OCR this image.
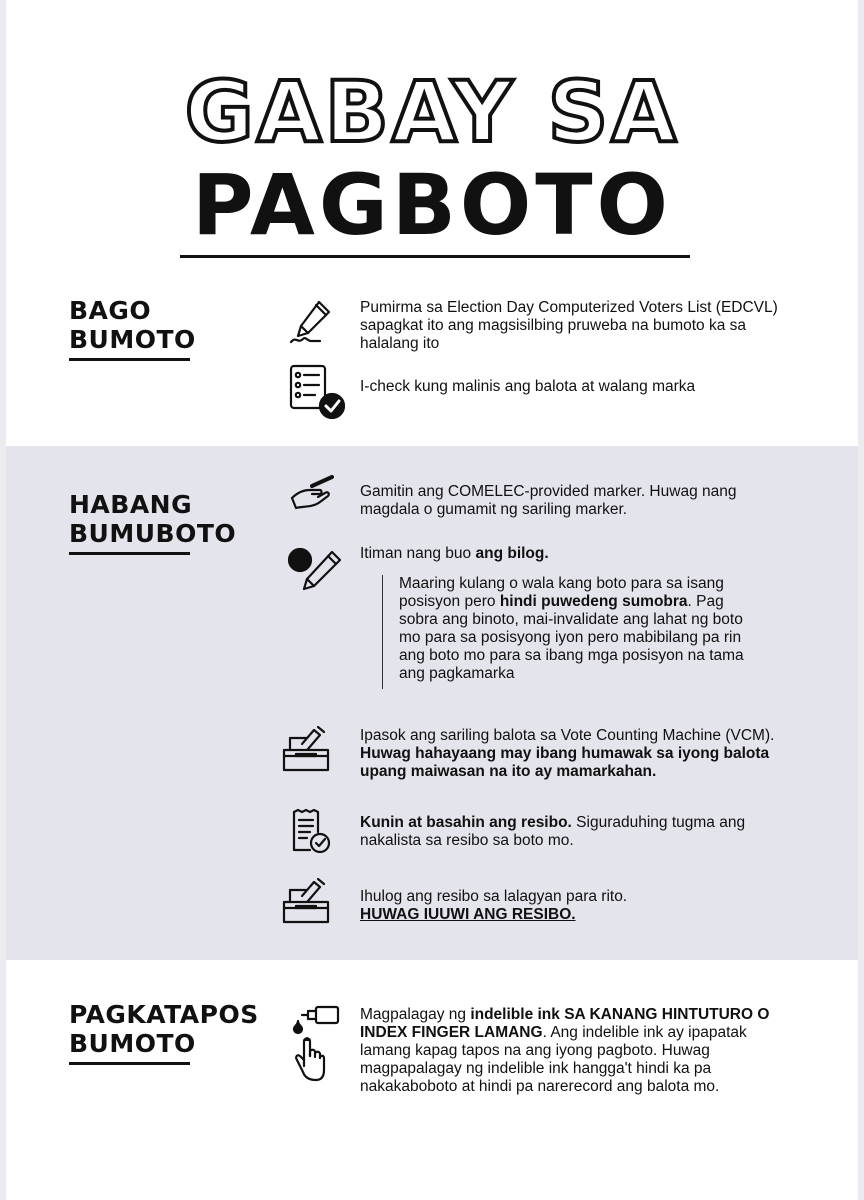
GABAY SA
PAGBOTO
BAGO
BUMOTO
Pumirma sa Election Day Computerized Voters List (EDCVL) sapagkat ito ang magsisilbing pruweba na bumoto ka sa halalang ito
I-check kung malinis ang balota at walang marka
HABANG
BUMUBOTO
Gamitin ang COMELEC-provided marker. Huwag nang magdala o gumamit ng sariling marker.
Itiman nang buo ang bilog.
Maaring kulang o wala kang boto para sa isang posisyon pero hindi puwedeng sumobra. Pag sobra ang binoto, mai-invalidate ang lahat ng boto mo para sa posisyong iyon pero mabibilang pa rin ang boto mo para sa ibang mga posisyon na tama ang pagkamarka
Ipasok ang sariling balota sa Vote Counting Machine (VCM). Huwag hahayaang may ibang humawak sa iyong balota upang maiwasan na ito ay mamarkahan.
Kunin at basahin ang resibo. Siguraduhing tugma ang nakalista sa resibo sa boto mo.
Ihulog ang resibo sa lalagyan para rito.
HUWAG IUUWI ANG RESIBO.
PAGKATAPOS
BUMOTO
Magpalagay ng indelible ink SA KANANG HINTUTURO O INDEX FINGER LAMANG. Ang indelible ink ay ipapatak lamang kapag tapos na ang iyong pagboto. Huwag magpapalagay ng indelible ink hangga't hindi ka pa nakakaboboto at hindi pa narerecord ang balota mo.
